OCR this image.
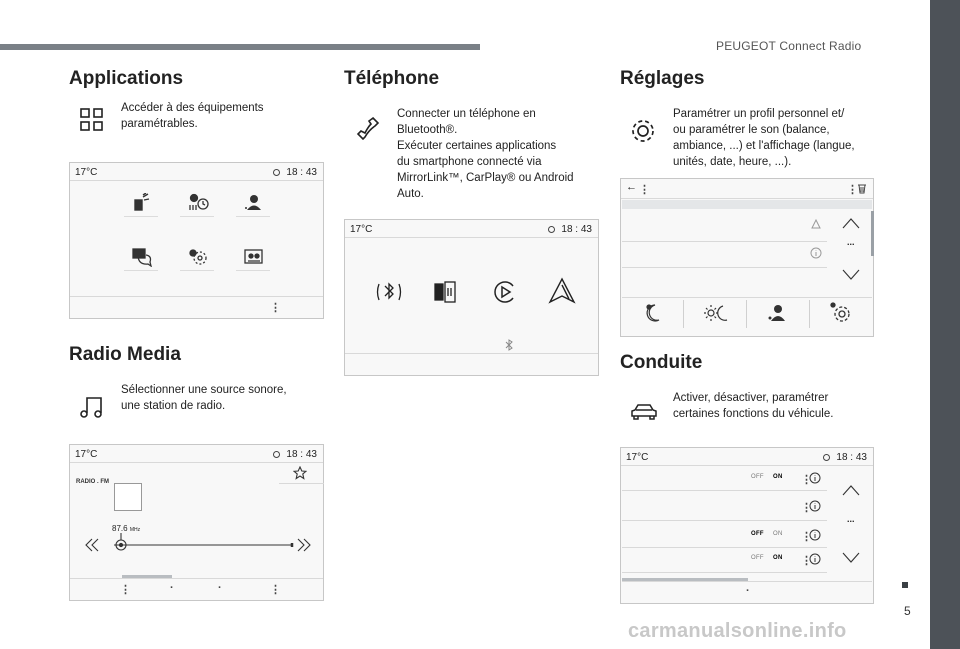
PEUGEOT Connect Radio
5
carmanualsonline.info
Applications
Accéder à des équipements paramétrables.
17°C	18 : 43
⋮
Radio Media
Sélectionner une source sonore, une station de radio.
17°C	18 : 43
RADIO . FM
87.6 MHz
⋮	·	·	⋮
Téléphone
Connecter un téléphone en
Bluetooth®.
Exécuter certaines applications
du smartphone connecté via
MirrorLink™, CarPlay® ou Android
Auto.
17°C	18 : 43
Réglages
Paramétrer un profil personnel et/
ou paramétrer le son (balance,
ambiance, ...) et l'affichage (langue,
unités, date, heure, ...).
← ⋮	⋮
...
Conduite
Activer, désactiver, paramétrer
certaines fonctions du véhicule.
17°C	18 : 43
OFF ON ⋮
⋮
OFF ON ⋮
OFF ON ⋮
...
·
